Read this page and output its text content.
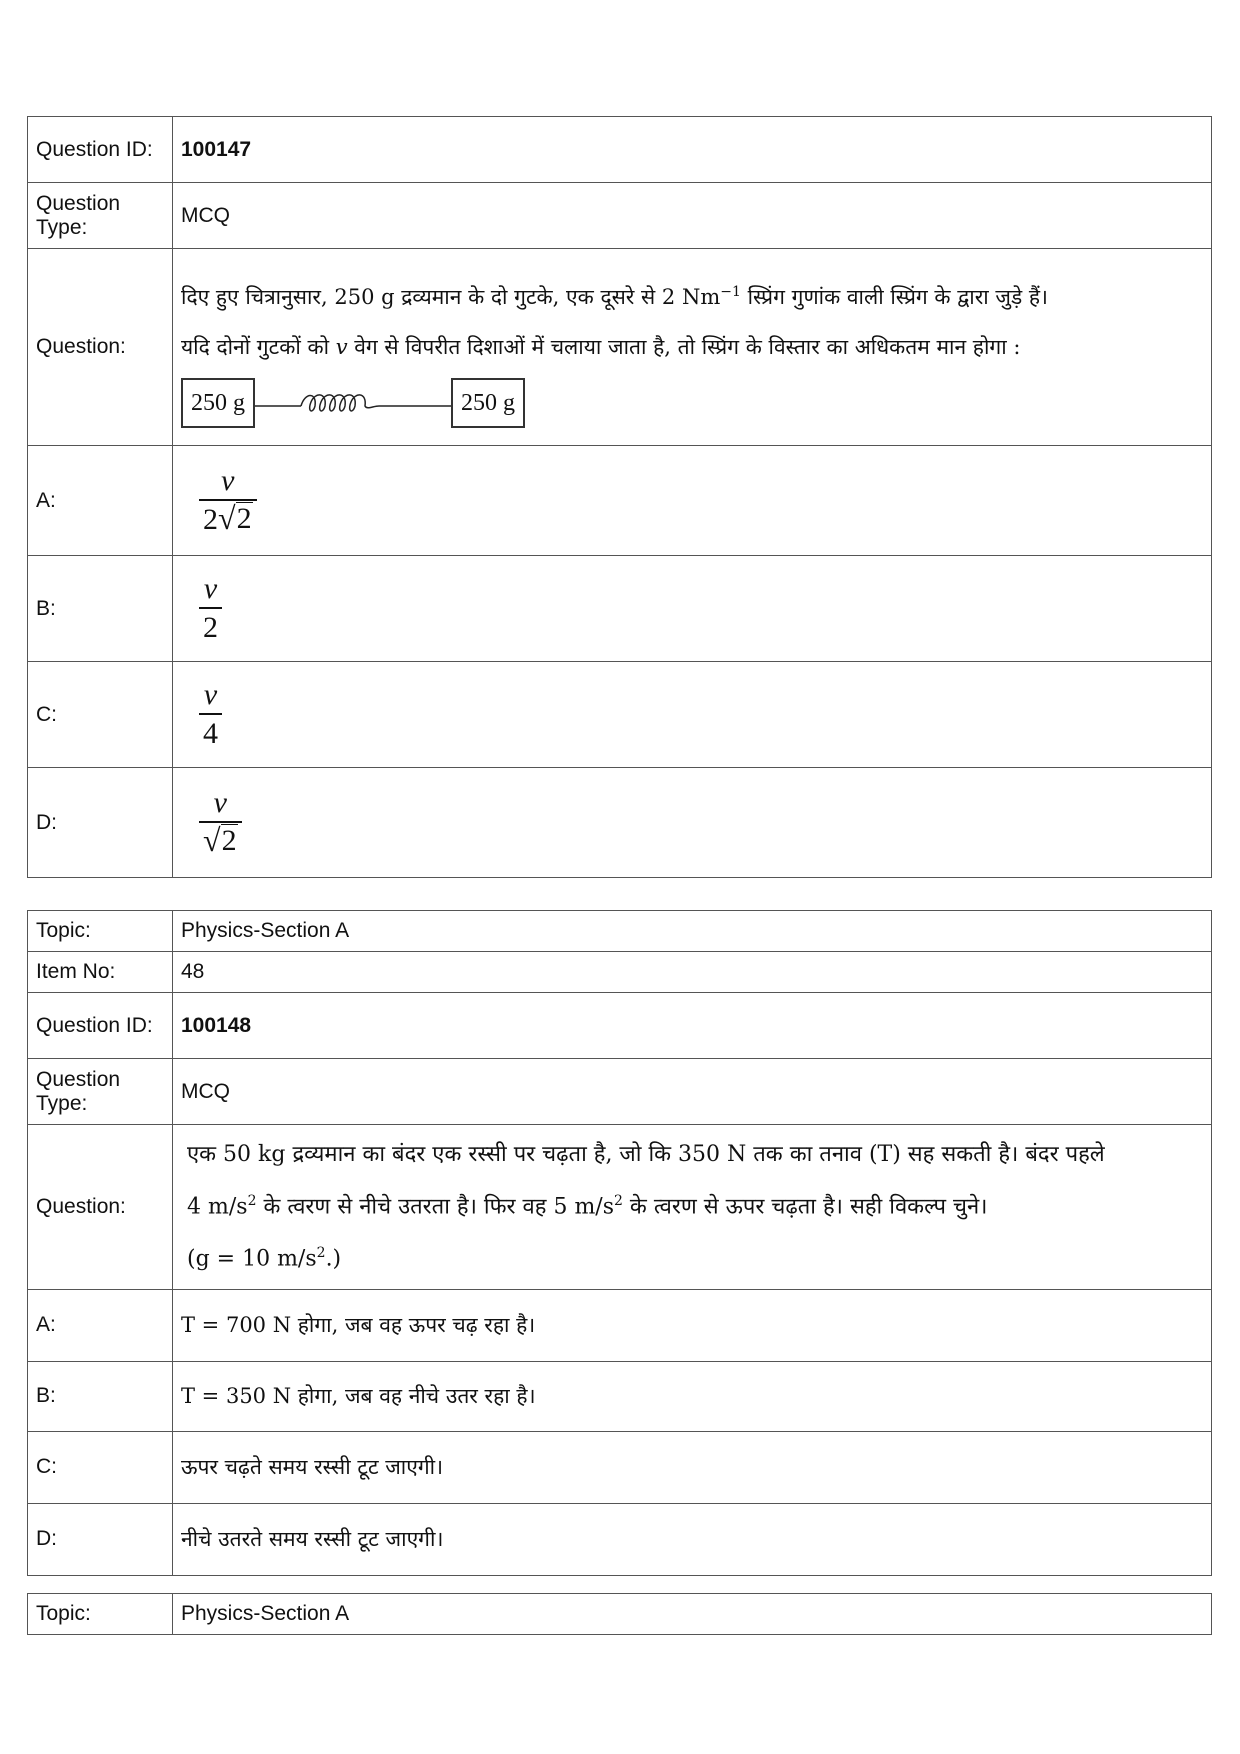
Question ID:	100147
Question Type:	MCQ
Question:	दिए हुए चित्रानुसार, 250 g द्रव्यमान के दो गुटके, एक दूसरे से 2 $Nm^{-1}$ स्प्रिंग गुणांक वाली स्प्रिंग के द्वारा जुड़े हैं।
यदि दोनों गुटकों को v वेग से विपरीत दिशाओं में चलाया जाता है, तो स्प्रिंग के विस्तार का अधिकतम मान होगा :
250 g 250 g

A:	$\frac{v}{2 √ 2}$

B:	$\frac{v}{2}$

C:	$\frac{v}{4}$

D:	$\frac{v}{√ 2}$
Topic:	Physics-Section A
Item No:	48
Question ID:	100148
Question Type:	MCQ
Question:	एक 50 kg द्रव्यमान का बंदर एक रस्सी पर चढ़ता है, जो कि 350 N तक का तनाव (T) सह सकती है। बंदर पहले
4 $m/s^2$ के त्वरण से नीचे उतरता है। फिर वह 5 $m/s^2$ के त्वरण से ऊपर चढ़ता है। सही विकल्प चुने।
(g = 10 $m/s^2$.)

A:	T = 700 N होगा, जब वह ऊपर चढ़ रहा है।
B:	T = 350 N होगा, जब वह नीचे उतर रहा है।
C:	ऊपर चढ़ते समय रस्सी टूट जाएगी।
D:	नीचे उतरते समय रस्सी टूट जाएगी।
Topic:	Physics-Section A
